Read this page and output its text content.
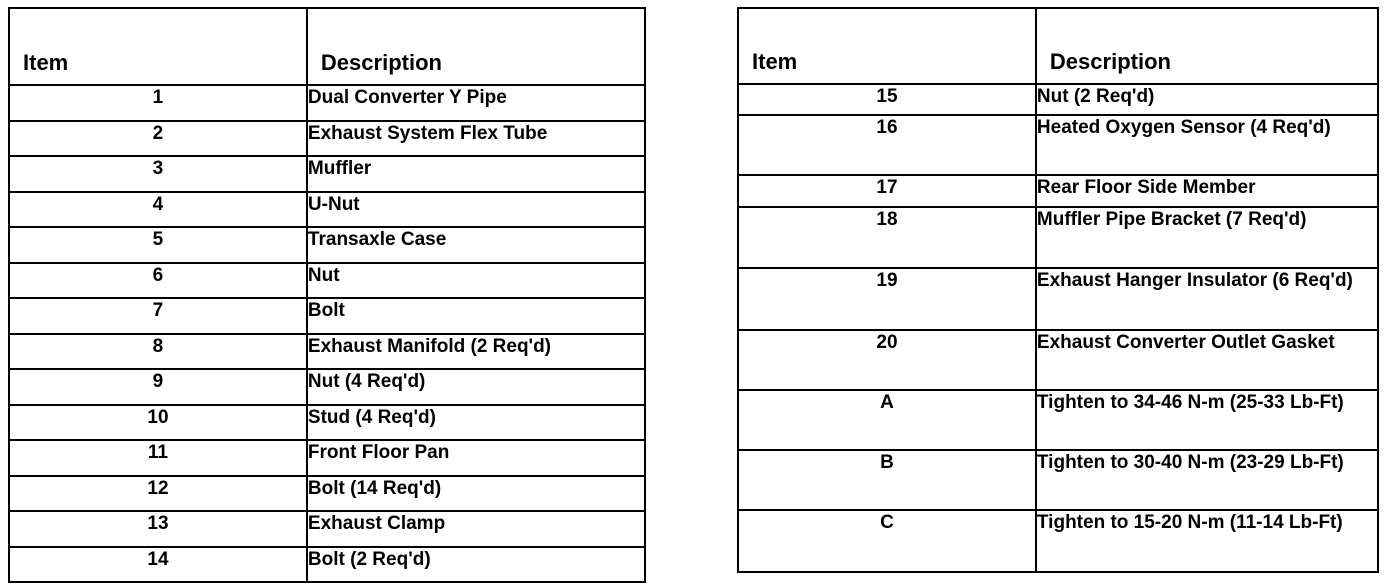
Item	Description
1	Dual Converter Y Pipe
2	Exhaust System Flex Tube
3	Muffler
4	U-Nut
5	Transaxle Case
6	Nut
7	Bolt
8	Exhaust Manifold (2 Req'd)
9	Nut (4 Req'd)
10	Stud (4 Req'd)
11	Front Floor Pan
12	Bolt (14 Req'd)
13	Exhaust Clamp
14	Bolt (2 Req'd)
Item	Description
15	Nut (2 Req'd)
16	Heated Oxygen Sensor (4 Req'd)
17	Rear Floor Side Member
18	Muffler Pipe Bracket (7 Req'd)
19	Exhaust Hanger Insulator (6 Req'd)
20	Exhaust Converter Outlet Gasket
A	Tighten to 34-46 N-m (25-33 Lb-Ft)
B	Tighten to 30-40 N-m (23-29 Lb-Ft)
C	Tighten to 15-20 N-m (11-14 Lb-Ft)
